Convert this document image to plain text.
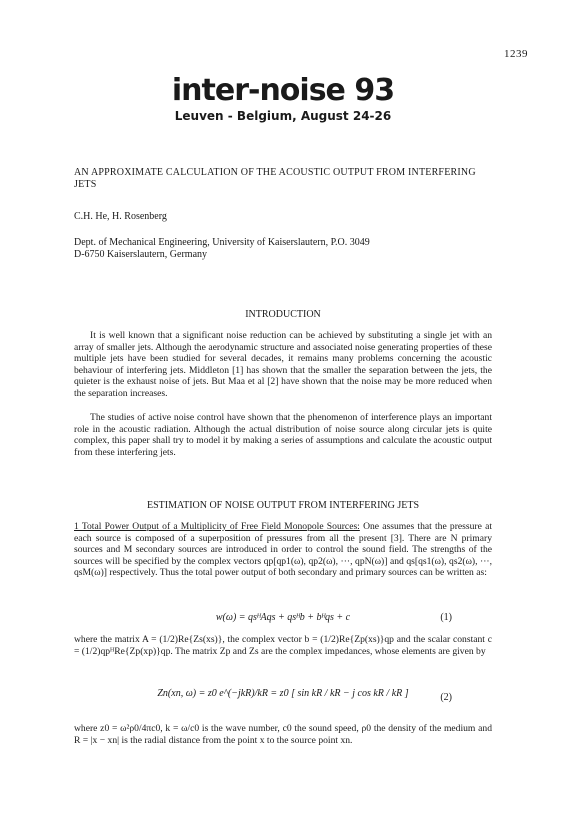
1239
inter-noise 93
Leuven - Belgium, August 24-26
AN APPROXIMATE CALCULATION OF THE ACOUSTIC OUTPUT FROM INTERFERING JETS
C.H. He, H. Rosenberg
Dept. of Mechanical Engineering, University of Kaiserslautern, P.O. 3049
D-6750 Kaiserslautern, Germany
INTRODUCTION
It is well known that a significant noise reduction can be achieved by substituting a single jet with an array of smaller jets. Although the aerodynamic structure and associated noise generating properties of these multiple jets have been studied for several decades, it remains many problems concerning the acoustic behaviour of interfering jets. Middleton [1] has shown that the smaller the separation between the jets, the quieter is the exhaust noise of jets. But Maa et al [2] have shown that the noise may be more reduced when the separation increases.
The studies of active noise control have shown that the phenomenon of interference plays an important role in the acoustic radiation. Although the actual distribution of noise source along circular jets is quite complex, this paper shall try to model it by making a series of assumptions and calculate the acoustic output from these interfering jets.
ESTIMATION OF NOISE OUTPUT FROM INTERFERING JETS
1 Total Power Output of a Multiplicity of Free Field Monopole Sources: One assumes that the pressure at each source is composed of a superposition of pressures from all the present [3]. There are N primary sources and M secondary sources are introduced in order to control the sound field. The strengths of the sources will be specified by the complex vectors qp[qp1(ω), qp2(ω), ···, qpN(ω)] and qs[qs1(ω), qs2(ω), ···, qsM(ω)] respectively. Thus the total power output of both secondary and primary sources can be written as:
w(ω) = qsᴴAqs + qsᴴb + bᴴqs + c	(1)
where the matrix A = (1/2)Re{Zs(xs)}, the complex vector b = (1/2)Re{Zp(xs)}qp and the scalar constant c = (1/2)qpᴴRe{Zp(xp)}qp. The matrix Zp and Zs are the complex impedances, whose elements are given by
Zn(xn, ω) = z0 e^(−jkR)/kR = z0 [ sin kR / kR − j cos kR / kR ]	(2)
where z0 = ω²ρ0/4πc0, k = ω/c0 is the wave number, c0 the sound speed, ρ0 the density of the medium and R = |x − xn| is the radial distance from the point x to the source point xn.
